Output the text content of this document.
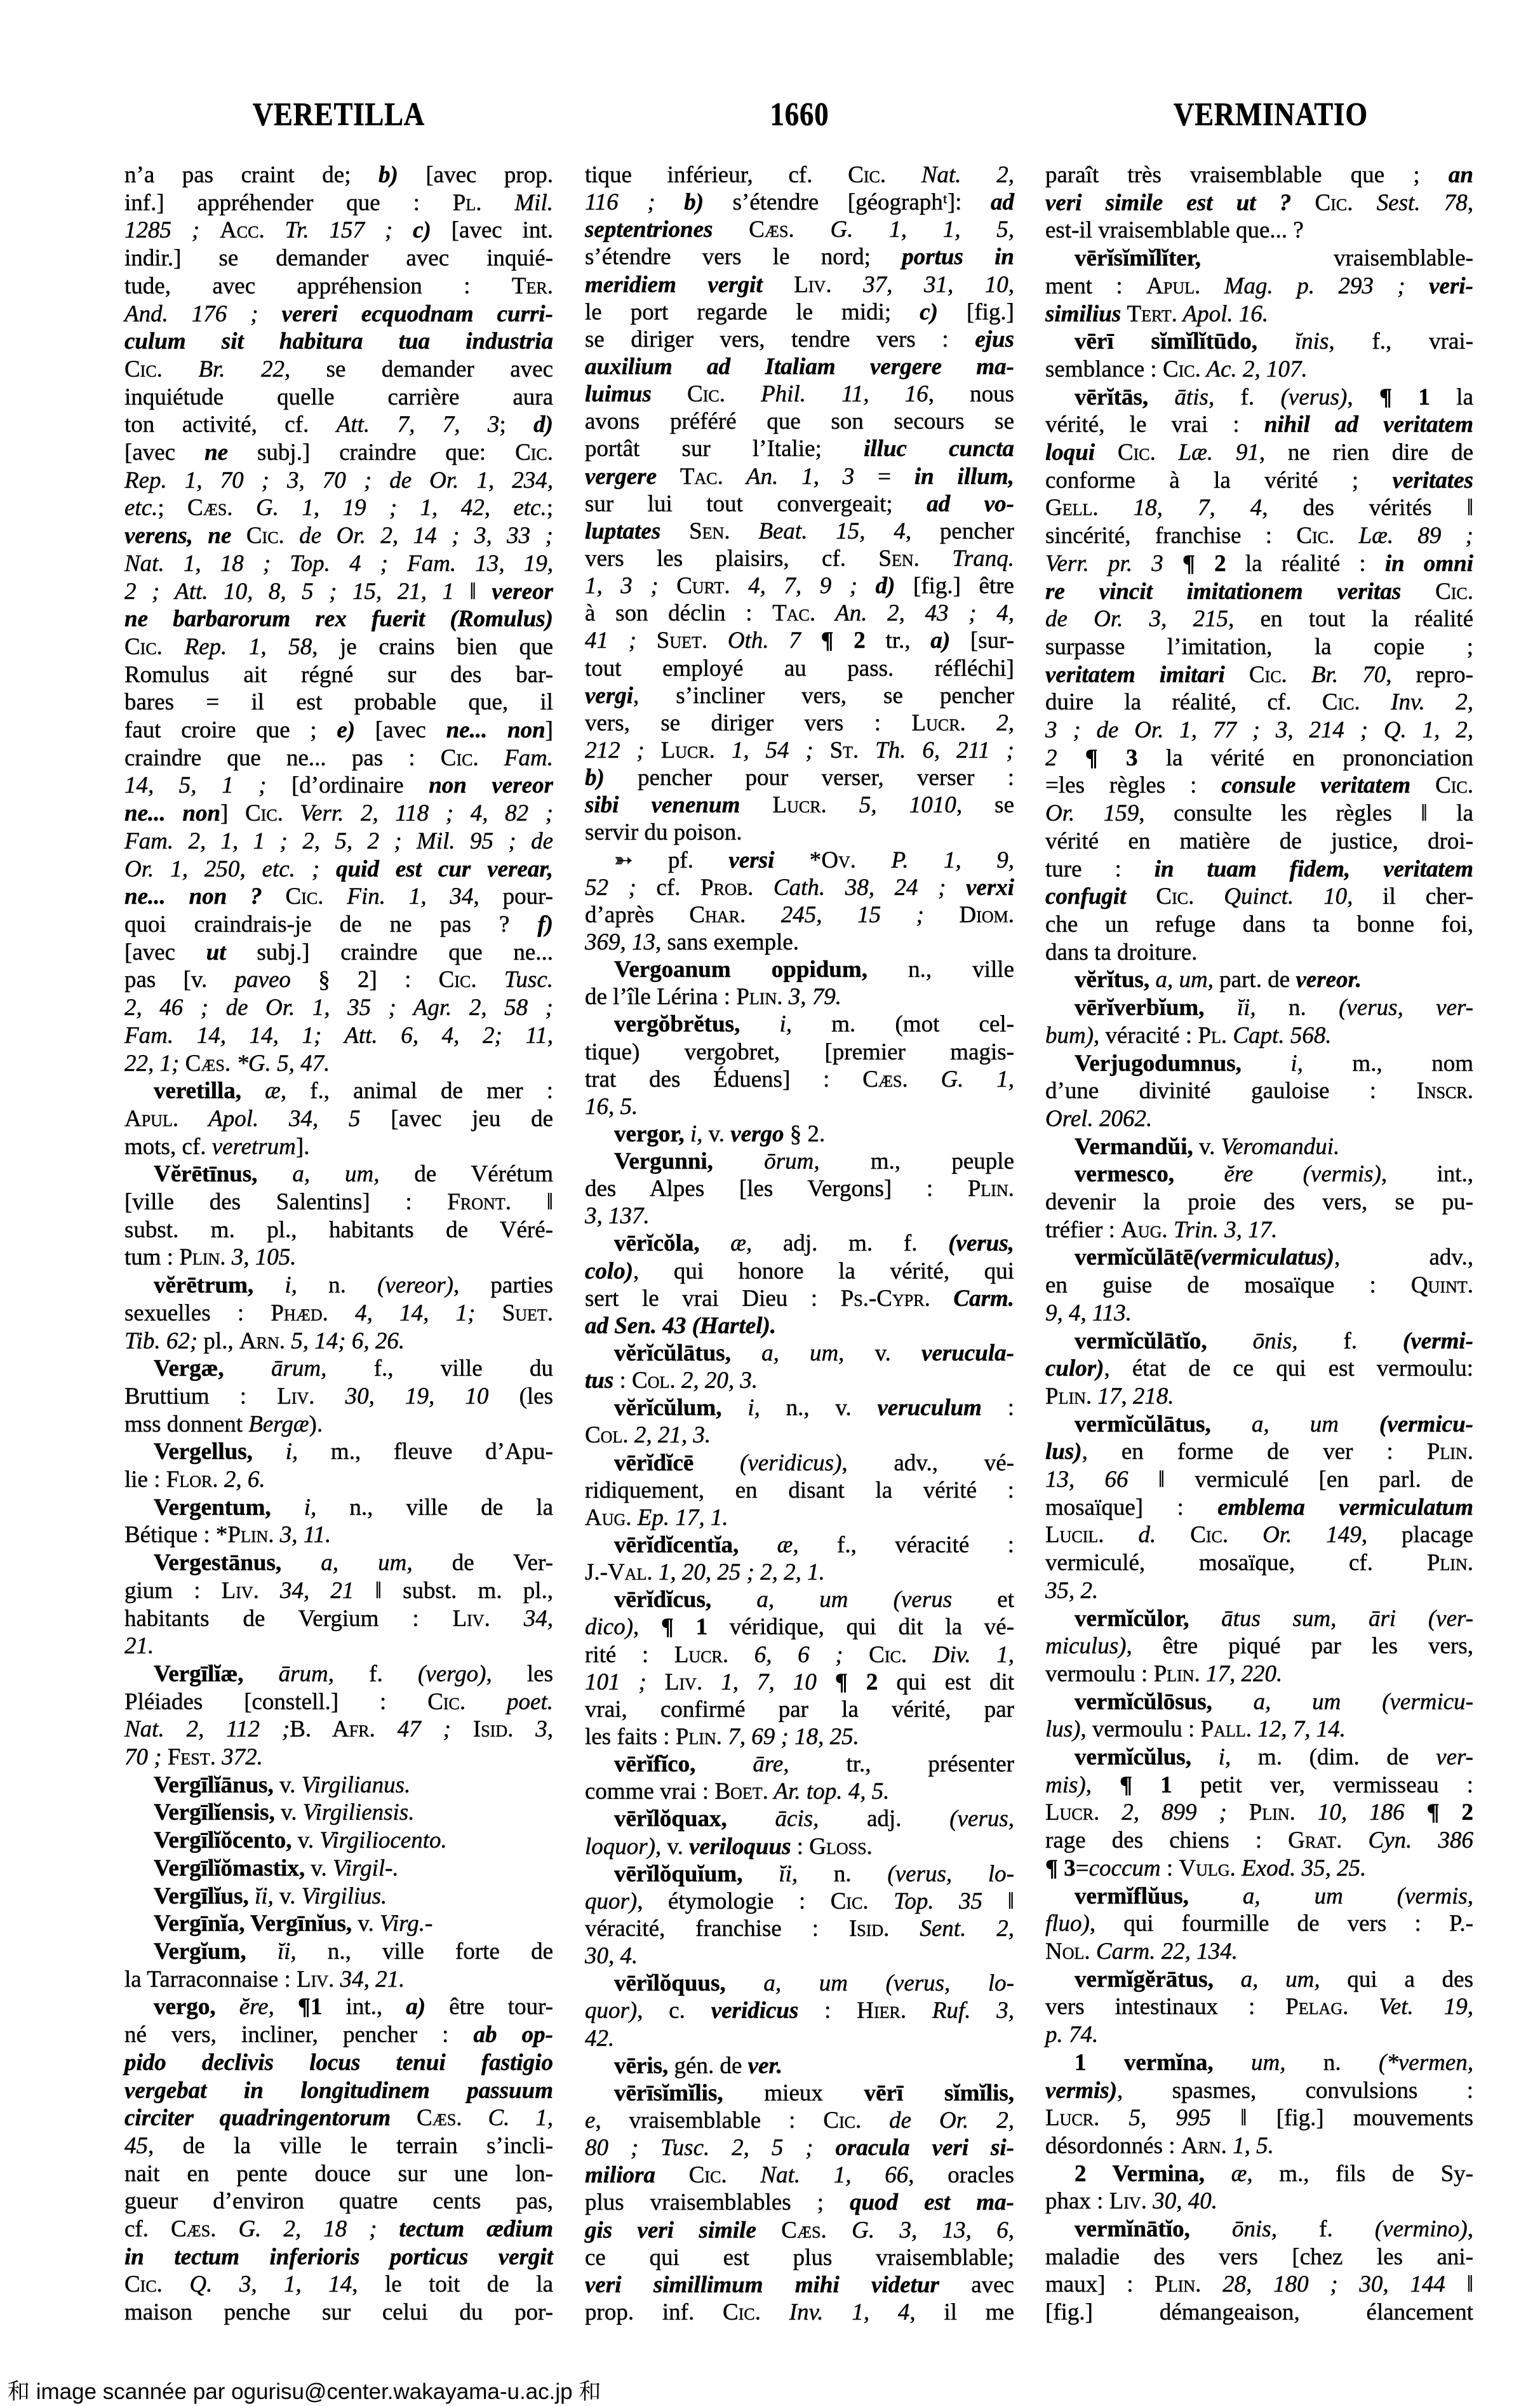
VERETILLA	1660	VERMINATIO
n’a pas craint de; b) [avec prop.
inf.] appréhender que : Pl. Mil.
1285 ; Acc. Tr. 157 ; c) [avec int.
indir.] se demander avec inquié-
tude, avec appréhension : Ter.
And. 176 ; vereri ecquodnam curri-
culum sit habitura tua industria
Cic. Br. 22, se demander avec
inquiétude quelle carrière aura
ton activité, cf. Att. 7, 7, 3; d)
[avec ne subj.] craindre que: Cic.
Rep. 1, 70 ; 3, 70 ; de Or. 1, 234,
etc.; Cæs. G. 1, 19 ; 1, 42, etc.;
verens, ne Cic. de Or. 2, 14 ; 3, 33 ;
Nat. 1, 18 ; Top. 4 ; Fam. 13, 19,
2 ; Att. 10, 8, 5 ; 15, 21, 1 ‖ vereor
ne barbarorum rex fuerit (Romulus)
Cic. Rep. 1, 58, je crains bien que
Romulus ait régné sur des bar-
bares = il est probable que, il
faut croire que ; e) [avec ne... non]
craindre que ne... pas : Cic. Fam.
14, 5, 1 ; [d’ordinaire non vereor
ne... non] Cic. Verr. 2, 118 ; 4, 82 ;
Fam. 2, 1, 1 ; 2, 5, 2 ; Mil. 95 ; de
Or. 1, 250, etc. ; quid est cur verear,
ne... non ? Cic. Fin. 1, 34, pour-
quoi craindrais-je de ne pas ? f)
[avec ut subj.] craindre que ne...
pas [v. paveo § 2] : Cic. Tusc.
2, 46 ; de Or. 1, 35 ; Agr. 2, 58 ;
Fam. 14, 14, 1; Att. 6, 4, 2; 11,
22, 1; Cæs. *G. 5, 47.
veretilla, æ, f., animal de mer :
Apul. Apol. 34, 5 [avec jeu de
mots, cf. veretrum].
Vĕrētīnus, a, um, de Vérétum
[ville des Salentins] : Front. ‖
subst. m. pl., habitants de Véré-
tum : Plin. 3, 105.
vĕrētrum, i, n. (vereor), parties
sexuelles : Phæd. 4, 14, 1; Suet.
Tib. 62; pl., Arn. 5, 14; 6, 26.
Vergæ, ārum, f., ville du
Bruttium : Liv. 30, 19, 10 (les
mss donnent Bergæ).
Vergellus, i, m., fleuve d’Apu-
lie : Flor. 2, 6.
Vergentum, i, n., ville de la
Bétique : *Plin. 3, 11.
Vergestānus, a, um, de Ver-
gium : Liv. 34, 21 ‖ subst. m. pl.,
habitants de Vergium : Liv. 34,
21.
Vergīlĭæ, ārum, f. (vergo), les
Pléiades [constell.] : Cic. poet.
Nat. 2, 112 ;B. Afr. 47 ; Isid. 3,
70 ; Fest. 372.
Vergīlĭānus, v. Virgilianus.
Vergīlĭensis, v. Virgiliensis.
Vergīlĭŏcento, v. Virgiliocento.
Vergīlĭŏmastix, v. Virgil-.
Vergīlĭus, ĭi, v. Virgilius.
Vergīnĭa, Vergīnĭus, v. Virg.-
Vergĭum, ĭi, n., ville forte de
la Tarraconnaise : Liv. 34, 21.
vergo, ĕre, ¶1 int., a) être tour-
né vers, incliner, pencher : ab op-
pido declivis locus tenui fastigio
vergebat in longitudinem passuum
circiter quadringentorum Cæs. C. 1,
45, de la ville le terrain s’incli-
nait en pente douce sur une lon-
gueur d’environ quatre cents pas,
cf. Cæs. G. 2, 18 ; tectum ædium
in tectum inferioris porticus vergit
Cic. Q. 3, 1, 14, le toit de la
maison penche sur celui du por-
tique inférieur, cf. Cic. Nat. 2,
116 ; b) s’étendre [géographᵗ]: ad
septentriones Cæs. G. 1, 1, 5,
s’étendre vers le nord; portus in
meridiem vergit Liv. 37, 31, 10,
le port regarde le midi; c) [fig.]
se diriger vers, tendre vers : ejus
auxilium ad Italiam vergere ma-
luimus Cic. Phil. 11, 16, nous
avons préféré que son secours se
portât sur l’Italie; illuc cuncta
vergere Tac. An. 1, 3 = in illum,
sur lui tout convergeait; ad vo-
luptates Sen. Beat. 15, 4, pencher
vers les plaisirs, cf. Sen. Tranq.
1, 3 ; Curt. 4, 7, 9 ; d) [fig.] être
à son déclin : Tac. An. 2, 43 ; 4,
41 ; Suet. Oth. 7 ¶ 2 tr., a) [sur-
tout employé au pass. réfléchi]
vergi, s’incliner vers, se pencher
vers, se diriger vers : Lucr. 2,
212 ; Lucr. 1, 54 ; St. Th. 6, 211 ;
b) pencher pour verser, verser :
sibi venenum Lucr. 5, 1010, se
servir du poison.
➳ pf. versi *Ov. P. 1, 9,
52 ; cf. Prob. Cath. 38, 24 ; verxi
d’après Char. 245, 15 ; Diom.
369, 13, sans exemple.
Vergoanum oppidum, n., ville
de l’île Lérina : Plin. 3, 79.
vergŏbrĕtus, i, m. (mot cel-
tique) vergobret, [premier magis-
trat des Éduens] : Cæs. G. 1,
16, 5.
vergor, i, v. vergo § 2.
Vergunni, ōrum, m., peuple
des Alpes [les Vergons] : Plin.
3, 137.
vērĭcŏla, æ, adj. m. f. (verus,
colo), qui honore la vérité, qui
sert le vrai Dieu : Ps.-Cypr. Carm.
ad Sen. 43 (Hartel).
vĕrĭcŭlātus, a, um, v. verucula-
tus : Col. 2, 20, 3.
vĕrĭcŭlum, i, n., v. veruculum :
Col. 2, 21, 3.
vērĭdĭcē (veridicus), adv., vé-
ridiquement, en disant la vérité :
Aug. Ep. 17, 1.
vērĭdĭcentĭa, æ, f., véracité :
J.-Val. 1, 20, 25 ; 2, 2, 1.
vērĭdĭcus, a, um (verus et
dico), ¶ 1 véridique, qui dit la vé-
rité : Lucr. 6, 6 ; Cic. Div. 1,
101 ; Liv. 1, 7, 10 ¶ 2 qui est dit
vrai, confirmé par la vérité, par
les faits : Plin. 7, 69 ; 18, 25.
vērĭfĭco, āre, tr., présenter
comme vrai : Boet. Ar. top. 4, 5.
vērĭlŏquax, ācis, adj. (verus,
loquor), v. veriloquus : Gloss.
vērĭlŏquĭum, ĭi, n. (verus, lo-
quor), étymologie : Cic. Top. 35 ‖
véracité, franchise : Isid. Sent. 2,
30, 4.
vērĭlŏquus, a, um (verus, lo-
quor), c. veridicus : Hier. Ruf. 3,
42.
vēris, gén. de ver.
vērīsĭmĭlis, mieux vērī sĭmĭlis,
e, vraisemblable : Cic. de Or. 2,
80 ; Tusc. 2, 5 ; oracula veri si-
miliora Cic. Nat. 1, 66, oracles
plus vraisemblables ; quod est ma-
gis veri simile Cæs. G. 3, 13, 6,
ce qui est plus vraisemblable;
veri simillimum mihi videtur avec
prop. inf. Cic. Inv. 1, 4, il me
paraît très vraisemblable que ; an
veri simile est ut ? Cic. Sest. 78,
est-il vraisemblable que... ?
vērĭsĭmĭlĭter, vraisemblable-
ment : Apul. Mag. p. 293 ; veri-
similius Tert. Apol. 16.
vērī sĭmĭlĭtūdo, ĭnis, f., vrai-
semblance : Cic. Ac. 2, 107.
vērĭtās, ātis, f. (verus), ¶ 1 la
vérité, le vrai : nihil ad veritatem
loqui Cic. Læ. 91, ne rien dire de
conforme à la vérité ; veritates
Gell. 18, 7, 4, des vérités ‖
sincérité, franchise : Cic. Læ. 89 ;
Verr. pr. 3 ¶ 2 la réalité : in omni
re vincit imitationem veritas Cic.
de Or. 3, 215, en tout la réalité
surpasse l’imitation, la copie ;
veritatem imitari Cic. Br. 70, repro-
duire la réalité, cf. Cic. Inv. 2,
3 ; de Or. 1, 77 ; 3, 214 ; Q. 1, 2,
2 ¶ 3 la vérité en prononciation
=les règles : consule veritatem Cic.
Or. 159, consulte les règles ‖ la
vérité en matière de justice, droi-
ture : in tuam fidem, veritatem
confugit Cic. Quinct. 10, il cher-
che un refuge dans ta bonne foi,
dans ta droiture.
vĕrĭtus, a, um, part. de vereor.
vērĭverbĭum, ĭi, n. (verus, ver-
bum), véracité : Pl. Capt. 568.
Verjugodumnus, i, m., nom
d’une divinité gauloise : Inscr.
Orel. 2062.
Vermandŭi, v. Veromandui.
vermesco, ĕre (vermis), int.,
devenir la proie des vers, se pu-
tréfier : Aug. Trin. 3, 17.
vermĭcŭlātē(vermiculatus), adv.,
en guise de mosaïque : Quint.
9, 4, 113.
vermĭcŭlātĭo, ōnis, f. (vermi-
culor), état de ce qui est vermoulu:
Plin. 17, 218.
vermĭcŭlātus, a, um (vermicu-
lus), en forme de ver : Plin.
13, 66 ‖ vermiculé [en parl. de
mosaïque] : emblema vermiculatum
Lucil. d. Cic. Or. 149, placage
vermiculé, mosaïque, cf. Plin.
35, 2.
vermĭcŭlor, ātus sum, āri (ver-
miculus), être piqué par les vers,
vermoulu : Plin. 17, 220.
vermĭcŭlōsus, a, um (vermicu-
lus), vermoulu : Pall. 12, 7, 14.
vermĭcŭlus, i, m. (dim. de ver-
mis), ¶ 1 petit ver, vermisseau :
Lucr. 2, 899 ; Plin. 10, 186 ¶ 2
rage des chiens : Grat. Cyn. 386
¶ 3=coccum : Vulg. Exod. 35, 25.
vermĭflŭus, a, um (vermis,
fluo), qui fourmille de vers : P.-
Nol. Carm. 22, 134.
vermĭgĕrātus, a, um, qui a des
vers intestinaux : Pelag. Vet. 19,
p. 74.
1 vermĭna, um, n. (*vermen,
vermis), spasmes, convulsions :
Lucr. 5, 995 ‖ [fig.] mouvements
désordonnés : Arn. 1, 5.
2 Vermina, æ, m., fils de Sy-
phax : Liv. 30, 40.
vermĭnātĭo, ōnis, f. (vermino),
maladie des vers [chez les ani-
maux] : Plin. 28, 180 ; 30, 144 ‖
[fig.] démangeaison, élancement
和 image scannée par ogurisu@center.wakayama-u.ac.jp 和
